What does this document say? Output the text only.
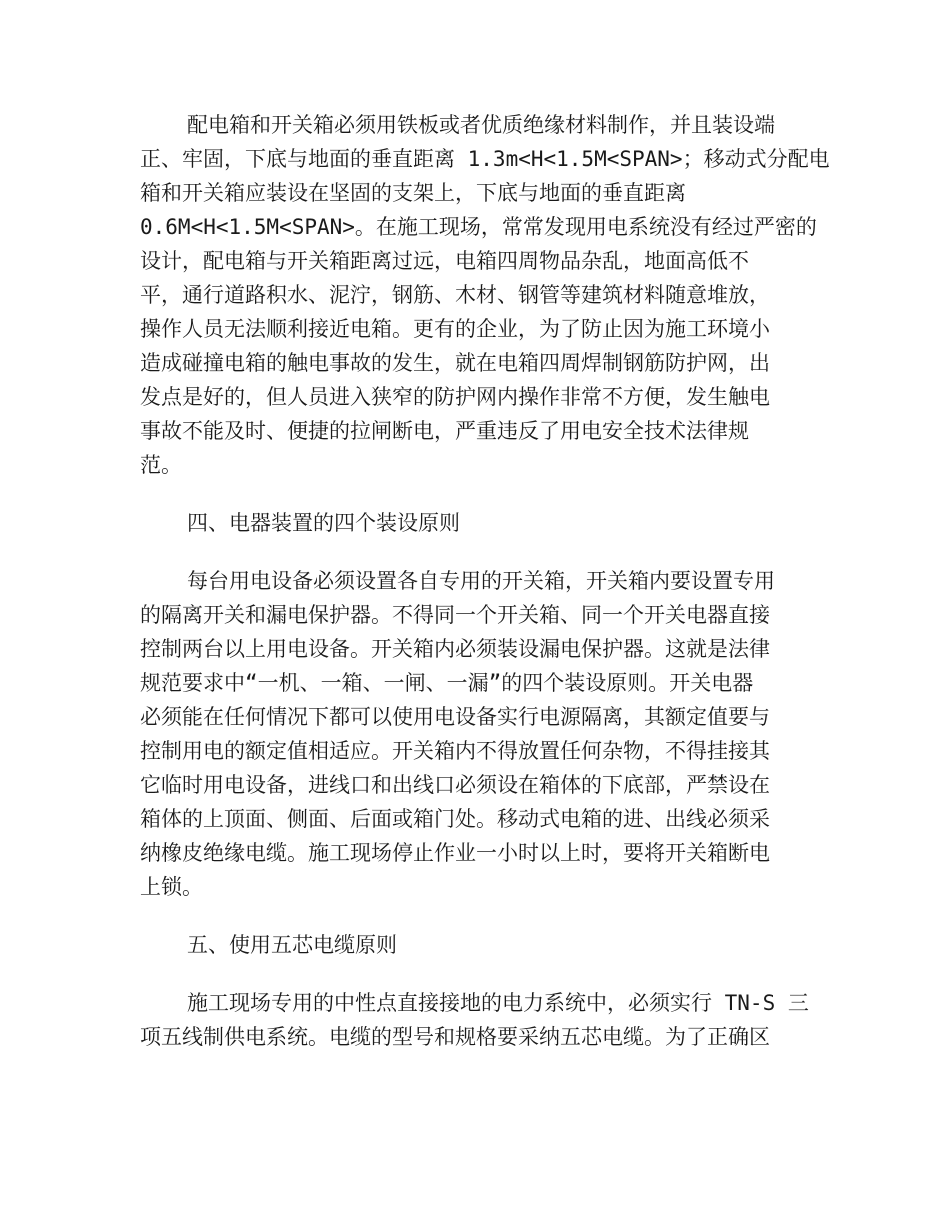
配电箱和开关箱必须用铁板或者优质绝缘材料制作，并且装设端
正、牢固，下底与地面的垂直距离 1.3m<H<1.5M<SPAN>；移动式分配电
箱和开关箱应装设在坚固的支架上，下底与地面的垂直距离
0.6M<H<1.5M<SPAN>。在施工现场，常常发现用电系统没有经过严密的
设计，配电箱与开关箱距离过远，电箱四周物品杂乱，地面高低不
平，通行道路积水、泥泞，钢筋、木材、钢管等建筑材料随意堆放，
操作人员无法顺利接近电箱。更有的企业，为了防止因为施工环境小
造成碰撞电箱的触电事故的发生，就在电箱四周焊制钢筋防护网，出
发点是好的，但人员进入狭窄的防护网内操作非常不方便，发生触电
事故不能及时、便捷的拉闸断电，严重违反了用电安全技术法律规
范。
四、电器装置的四个装设原则
每台用电设备必须设置各自专用的开关箱，开关箱内要设置专用
的隔离开关和漏电保护器。不得同一个开关箱、同一个开关电器直接
控制两台以上用电设备。开关箱内必须装设漏电保护器。这就是法律
规范要求中“一机、一箱、一闸、一漏”的四个装设原则。开关电器
必须能在任何情况下都可以使用电设备实行电源隔离，其额定值要与
控制用电的额定值相适应。开关箱内不得放置任何杂物，不得挂接其
它临时用电设备，进线口和出线口必须设在箱体的下底部，严禁设在
箱体的上顶面、侧面、后面或箱门处。移动式电箱的进、出线必须采
纳橡皮绝缘电缆。施工现场停止作业一小时以上时，要将开关箱断电
上锁。
五、使用五芯电缆原则
施工现场专用的中性点直接接地的电力系统中，必须实行 TN-S 三
项五线制供电系统。电缆的型号和规格要采纳五芯电缆。为了正确区
